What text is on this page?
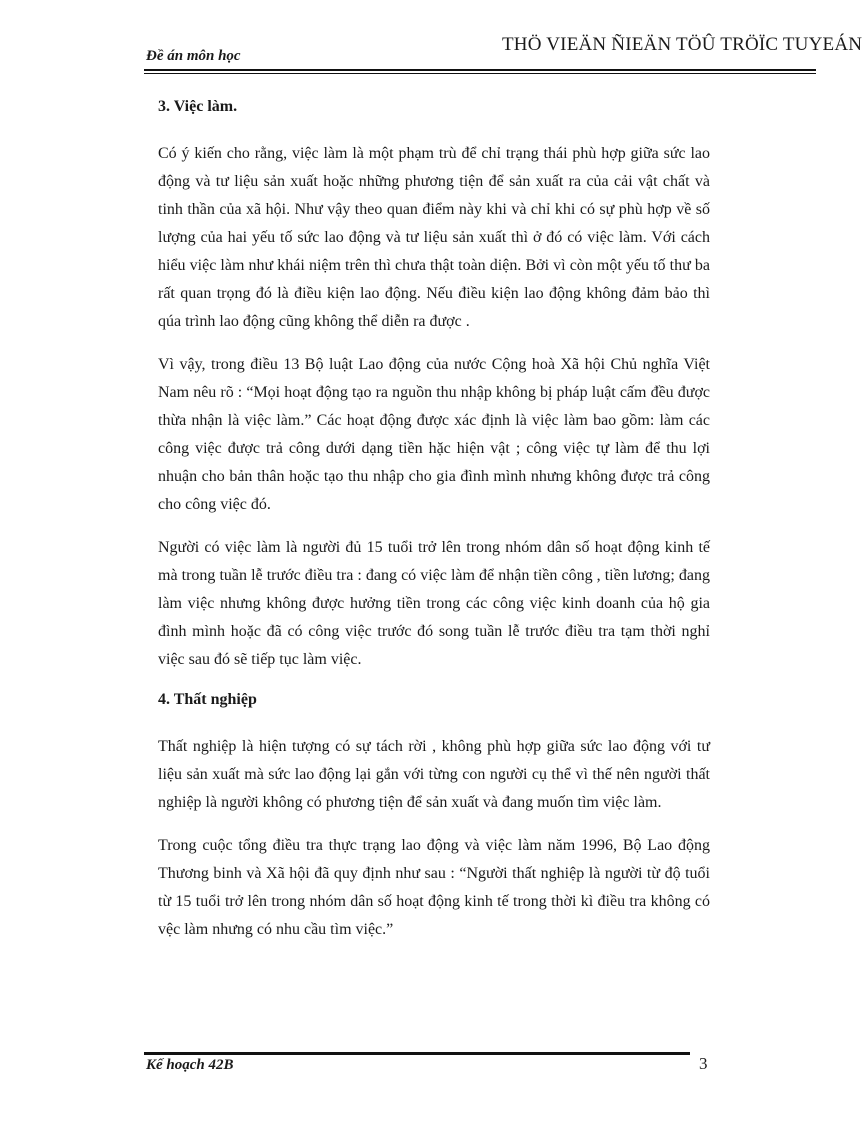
Đề án môn học
THÖ VIEÄN ÑIEÄN TÖÛ TRÖÏC TUYEÁN
3. Việc làm.

Có ý kiến cho rằng, việc làm là một phạm trù để chỉ trạng thái phù hợp giữa sức lao động và tư liệu sản xuất hoặc những phương tiện để sản xuất ra của cải vật chất và tinh thần của xã hội. Như vậy theo quan điểm này khi và chỉ khi có sự phù hợp về số lượng của hai yếu tố sức lao động và tư liệu sản xuất thì ở đó có việc làm. Với cách hiểu việc làm như khái niệm trên thì chưa thật toàn diện. Bởi vì còn một yếu tố thư ba rất quan trọng đó là điều kiện lao động. Nếu điều kiện lao động không đảm bảo thì qúa trình lao động cũng không thể diễn ra được .

Vì vậy, trong điều 13 Bộ luật Lao động của nước Cộng hoà Xã hội Chủ nghĩa Việt Nam nêu rõ : “Mọi hoạt động tạo ra nguồn thu nhập không bị pháp luật cấm đều được thừa nhận là việc làm.” Các hoạt động được xác định là việc làm bao gồm: làm các công việc được trả công dưới dạng tiền hặc hiện vật ; công việc tự làm để thu lợi nhuận cho bản thân hoặc tạo thu nhập cho gia đình mình nhưng không được trả công cho công việc đó.

Người có việc làm là người đủ 15 tuổi trở lên trong nhóm dân số hoạt động kinh tế mà trong tuần lễ trước điều tra : đang có việc làm để nhận tiền công , tiền lương; đang làm việc nhưng không được hưởng tiền trong các công việc kinh doanh của hộ gia đình mình hoặc đã có công việc trước đó song tuần lễ trước điều tra tạm thời nghỉ việc sau đó sẽ tiếp tục làm việc.

4. Thất nghiệp

Thất nghiệp là hiện tượng có sự tách rời , không phù hợp giữa sức lao động với tư liệu sản xuất mà sức lao động lại gắn với từng con người cụ thể vì thế nên người thất nghiệp là người không có phương tiện để sản xuất và đang muốn tìm việc làm.

Trong cuộc tổng điều tra thực trạng lao động và việc làm năm 1996, Bộ Lao động Thương binh và Xã hội đã quy định như sau : “Người thất nghiệp là người từ độ tuổi từ 15 tuổi trở lên trong nhóm dân số hoạt động kinh tế trong thời kì điều tra không có vệc làm nhưng có nhu cầu tìm việc.”

Kế hoạch 42B	3
